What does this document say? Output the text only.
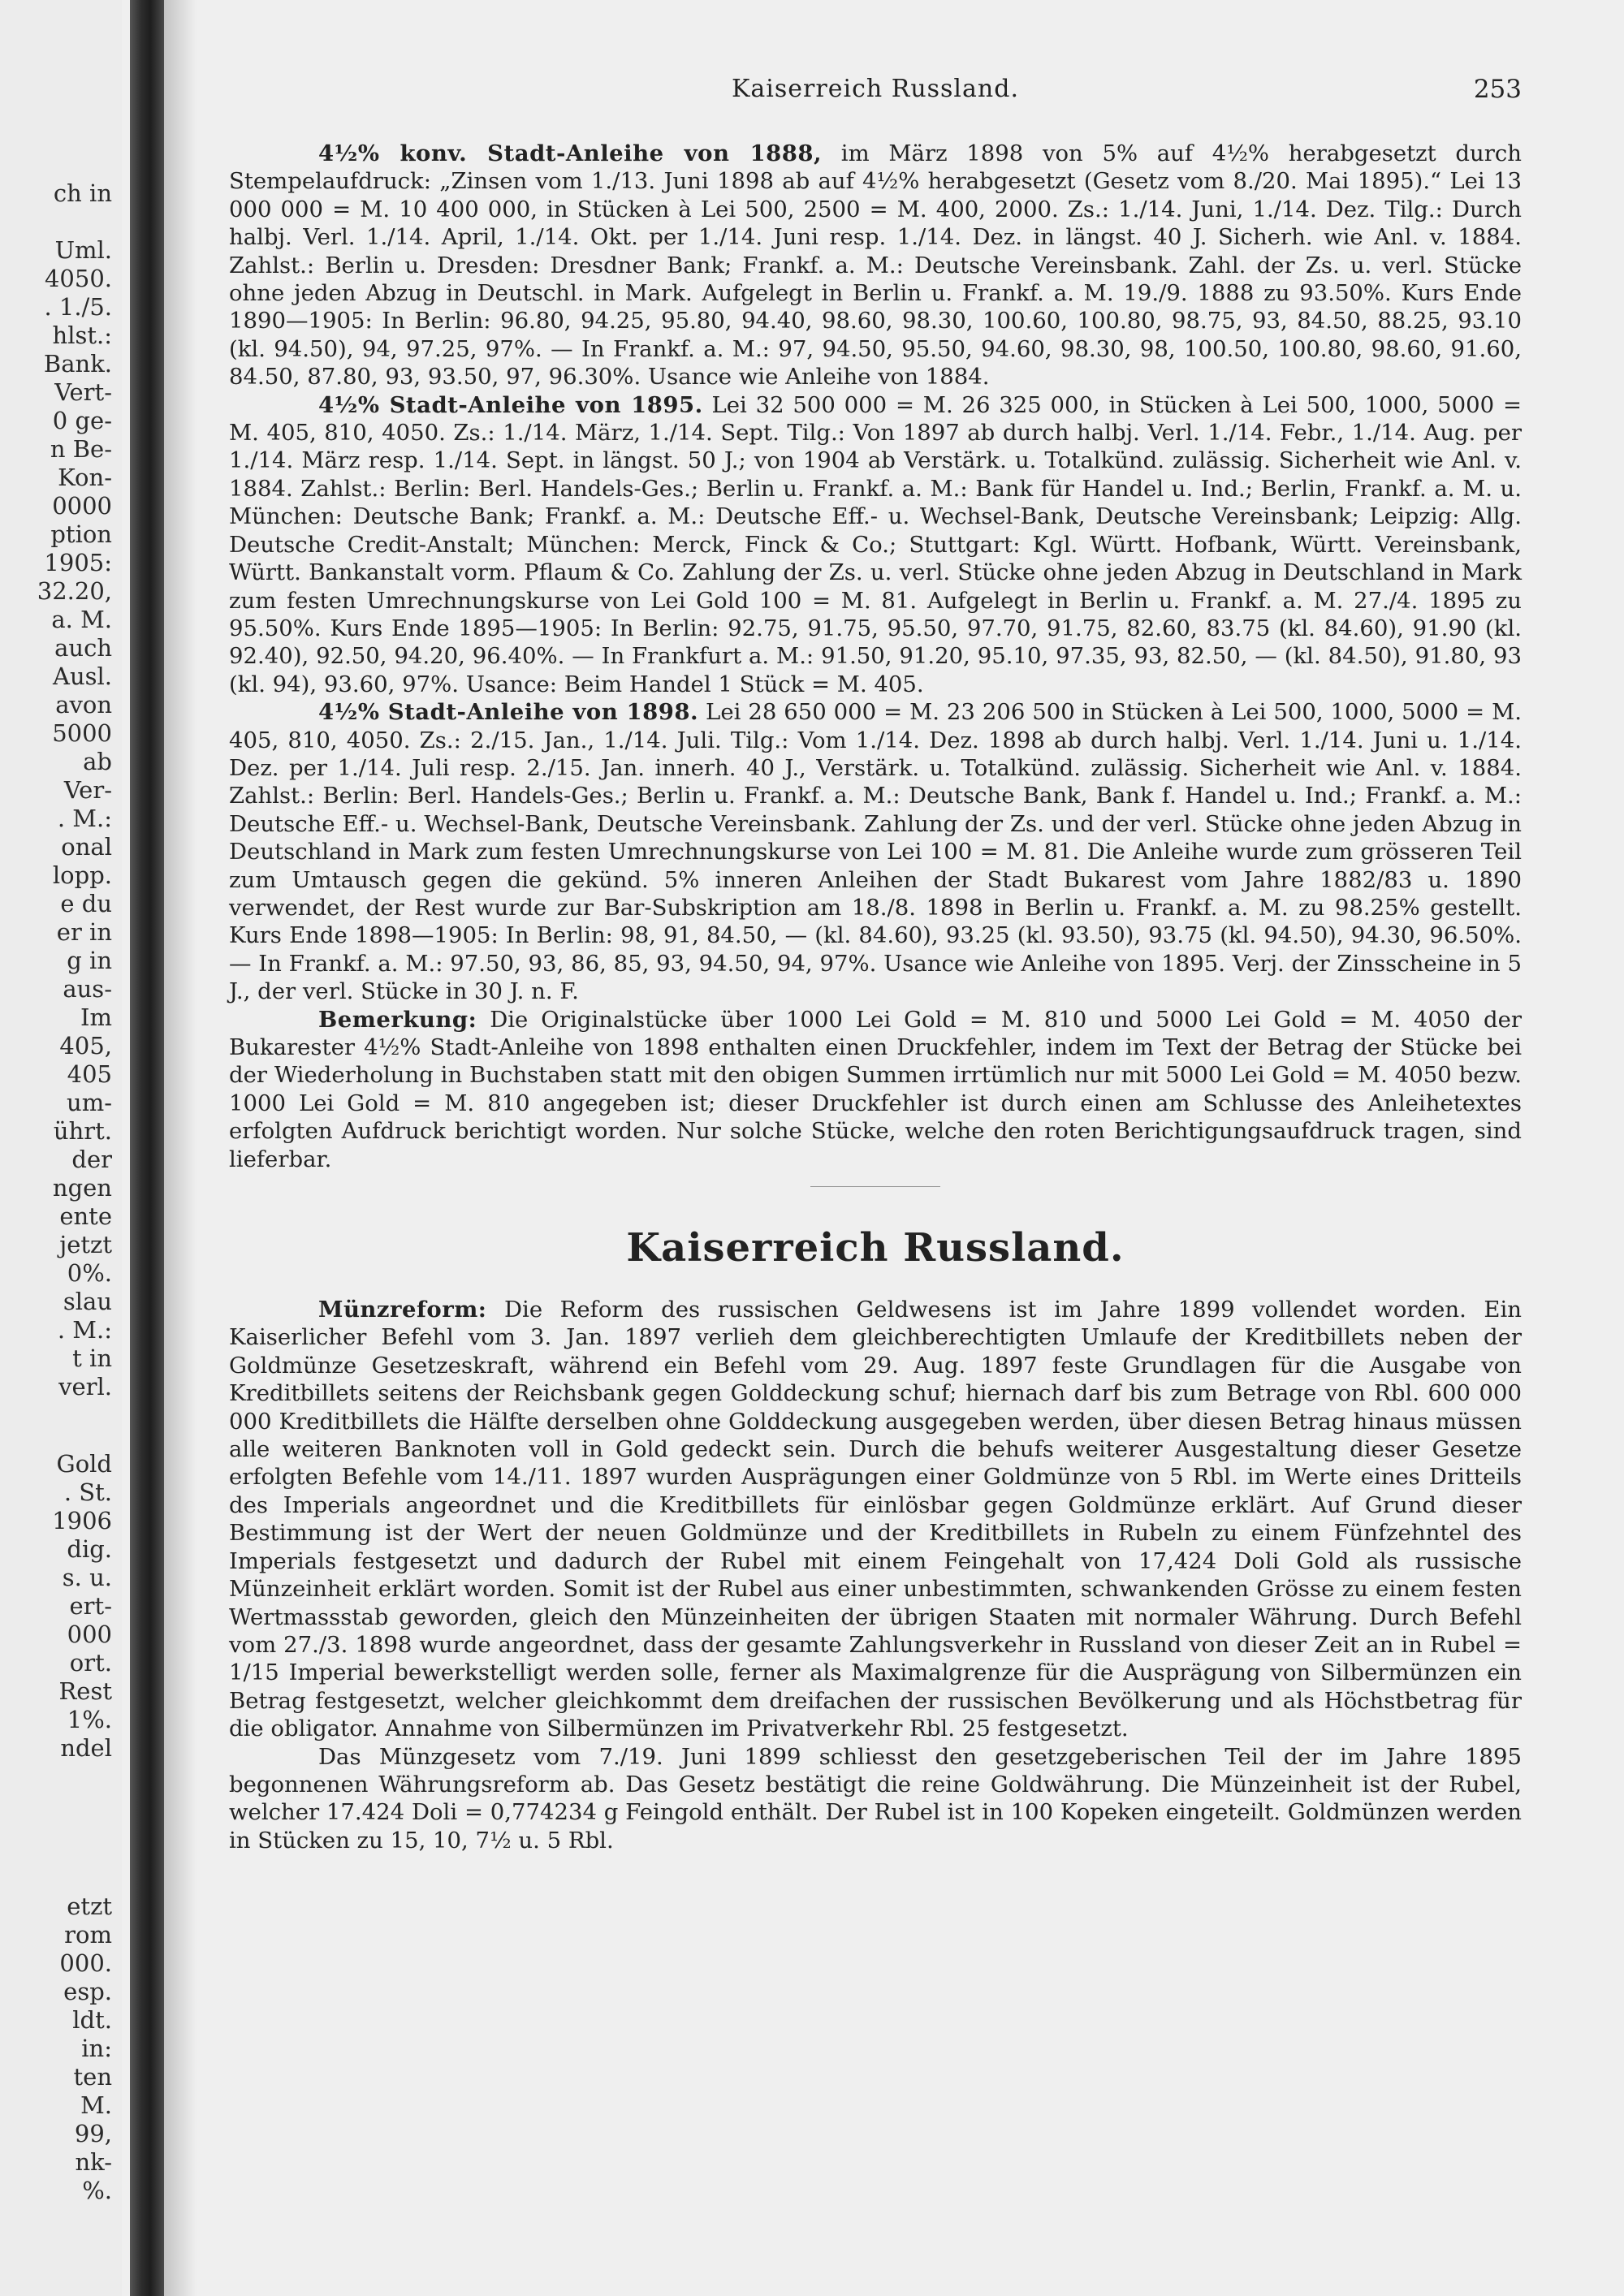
ch in
Uml.
4050.
. 1./5.
hlst.:
Bank.
Vert-
0 ge-
n Be-
Kon-
0000
ption
1905:
32.20,
a. M.
auch
Ausl.
avon
5000
ab
Ver-
. M.:
onal
lopp.
e du
er in
g in
aus-
Im
405,
405
um-
ührt.
der
ngen
ente
jetzt
0%.
slau
. M.:
t in
verl.
Gold
. St.
1906
dig.
s. u.
ert-
000
ort.
Rest
1%.
ndel
etzt
rom
000.
esp.
ldt.
in:
ten
M.
99,
nk-
%.
Kaiserreich Russland.	253

4½% konv. Stadt-Anleihe von 1888, im März 1898 von 5% auf 4½% herabgesetzt durch Stempelaufdruck: „Zinsen vom 1./13. Juni 1898 ab auf 4½% herabgesetzt (Gesetz vom 8./20. Mai 1895).“ Lei 13 000 000 = M. 10 400 000, in Stücken à Lei 500, 2500 = M. 400, 2000. Zs.: 1./14. Juni, 1./14. Dez. Tilg.: Durch halbj. Verl. 1./14. April, 1./14. Okt. per 1./14. Juni resp. 1./14. Dez. in längst. 40 J. Sicherh. wie Anl. v. 1884. Zahlst.: Berlin u. Dresden: Dresdner Bank; Frankf. a. M.: Deutsche Vereinsbank. Zahl. der Zs. u. verl. Stücke ohne jeden Abzug in Deutschl. in Mark. Aufgelegt in Berlin u. Frankf. a. M. 19./9. 1888 zu 93.50%. Kurs Ende 1890—1905: In Berlin: 96.80, 94.25, 95.80, 94.40, 98.60, 98.30, 100.60, 100.80, 98.75, 93, 84.50, 88.25, 93.10 (kl. 94.50), 94, 97.25, 97%. — In Frankf. a. M.: 97, 94.50, 95.50, 94.60, 98.30, 98, 100.50, 100.80, 98.60, 91.60, 84.50, 87.80, 93, 93.50, 97, 96.30%. Usance wie Anleihe von 1884.

4½% Stadt-Anleihe von 1895. Lei 32 500 000 = M. 26 325 000, in Stücken à Lei 500, 1000, 5000 = M. 405, 810, 4050. Zs.: 1./14. März, 1./14. Sept. Tilg.: Von 1897 ab durch halbj. Verl. 1./14. Febr., 1./14. Aug. per 1./14. März resp. 1./14. Sept. in längst. 50 J.; von 1904 ab Verstärk. u. Totalkünd. zulässig. Sicherheit wie Anl. v. 1884. Zahlst.: Berlin: Berl. Handels-Ges.; Berlin u. Frankf. a. M.: Bank für Handel u. Ind.; Berlin, Frankf. a. M. u. München: Deutsche Bank; Frankf. a. M.: Deutsche Eff.- u. Wechsel-Bank, Deutsche Vereinsbank; Leipzig: Allg. Deutsche Credit-Anstalt; München: Merck, Finck & Co.; Stuttgart: Kgl. Württ. Hofbank, Württ. Vereinsbank, Württ. Bankanstalt vorm. Pflaum & Co. Zahlung der Zs. u. verl. Stücke ohne jeden Abzug in Deutschland in Mark zum festen Umrechnungskurse von Lei Gold 100 = M. 81. Aufgelegt in Berlin u. Frankf. a. M. 27./4. 1895 zu 95.50%. Kurs Ende 1895—1905: In Berlin: 92.75, 91.75, 95.50, 97.70, 91.75, 82.60, 83.75 (kl. 84.60), 91.90 (kl. 92.40), 92.50, 94.20, 96.40%. — In Frankfurt a. M.: 91.50, 91.20, 95.10, 97.35, 93, 82.50, — (kl. 84.50), 91.80, 93 (kl. 94), 93.60, 97%. Usance: Beim Handel 1 Stück = M. 405.

4½% Stadt-Anleihe von 1898. Lei 28 650 000 = M. 23 206 500 in Stücken à Lei 500, 1000, 5000 = M. 405, 810, 4050. Zs.: 2./15. Jan., 1./14. Juli. Tilg.: Vom 1./14. Dez. 1898 ab durch halbj. Verl. 1./14. Juni u. 1./14. Dez. per 1./14. Juli resp. 2./15. Jan. innerh. 40 J., Verstärk. u. Totalkünd. zulässig. Sicherheit wie Anl. v. 1884. Zahlst.: Berlin: Berl. Handels-Ges.; Berlin u. Frankf. a. M.: Deutsche Bank, Bank f. Handel u. Ind.; Frankf. a. M.: Deutsche Eff.- u. Wechsel-Bank, Deutsche Vereinsbank. Zahlung der Zs. und der verl. Stücke ohne jeden Abzug in Deutschland in Mark zum festen Umrechnungskurse von Lei 100 = M. 81. Die Anleihe wurde zum grösseren Teil zum Umtausch gegen die gekünd. 5% inneren Anleihen der Stadt Bukarest vom Jahre 1882/83 u. 1890 verwendet, der Rest wurde zur Bar-Subskription am 18./8. 1898 in Berlin u. Frankf. a. M. zu 98.25% gestellt. Kurs Ende 1898—1905: In Berlin: 98, 91, 84.50, — (kl. 84.60), 93.25 (kl. 93.50), 93.75 (kl. 94.50), 94.30, 96.50%. — In Frankf. a. M.: 97.50, 93, 86, 85, 93, 94.50, 94, 97%. Usance wie Anleihe von 1895. Verj. der Zinsscheine in 5 J., der verl. Stücke in 30 J. n. F.

Bemerkung: Die Originalstücke über 1000 Lei Gold = M. 810 und 5000 Lei Gold = M. 4050 der Bukarester 4½% Stadt-Anleihe von 1898 enthalten einen Druckfehler, indem im Text der Betrag der Stücke bei der Wiederholung in Buchstaben statt mit den obigen Summen irrtümlich nur mit 5000 Lei Gold = M. 4050 bezw. 1000 Lei Gold = M. 810 angegeben ist; dieser Druckfehler ist durch einen am Schlusse des Anleihetextes erfolgten Aufdruck berichtigt worden. Nur solche Stücke, welche den roten Berichtigungsaufdruck tragen, sind lieferbar.

Kaiserreich Russland.

Münzreform: Die Reform des russischen Geldwesens ist im Jahre 1899 vollendet worden. Ein Kaiserlicher Befehl vom 3. Jan. 1897 verlieh dem gleichberechtigten Umlaufe der Kreditbillets neben der Goldmünze Gesetzeskraft, während ein Befehl vom 29. Aug. 1897 feste Grundlagen für die Ausgabe von Kreditbillets seitens der Reichsbank gegen Golddeckung schuf; hiernach darf bis zum Betrage von Rbl. 600 000 000 Kreditbillets die Hälfte derselben ohne Golddeckung ausgegeben werden, über diesen Betrag hinaus müssen alle weiteren Banknoten voll in Gold gedeckt sein. Durch die behufs weiterer Ausgestaltung dieser Gesetze erfolgten Befehle vom 14./11. 1897 wurden Ausprägungen einer Goldmünze von 5 Rbl. im Werte eines Dritteils des Imperials angeordnet und die Kreditbillets für einlösbar gegen Goldmünze erklärt. Auf Grund dieser Bestimmung ist der Wert der neuen Goldmünze und der Kreditbillets in Rubeln zu einem Fünfzehntel des Imperials festgesetzt und dadurch der Rubel mit einem Feingehalt von 17,424 Doli Gold als russische Münzeinheit erklärt worden. Somit ist der Rubel aus einer unbestimmten, schwankenden Grösse zu einem festen Wertmassstab geworden, gleich den Münzeinheiten der übrigen Staaten mit normaler Währung. Durch Befehl vom 27./3. 1898 wurde angeordnet, dass der gesamte Zahlungsverkehr in Russland von dieser Zeit an in Rubel = 1/15 Imperial bewerkstelligt werden solle, ferner als Maximalgrenze für die Ausprägung von Silbermünzen ein Betrag festgesetzt, welcher gleichkommt dem dreifachen der russischen Bevölkerung und als Höchstbetrag für die obligator. Annahme von Silbermünzen im Privatverkehr Rbl. 25 festgesetzt.

Das Münzgesetz vom 7./19. Juni 1899 schliesst den gesetzgeberischen Teil der im Jahre 1895 begonnenen Währungsreform ab. Das Gesetz bestätigt die reine Goldwährung. Die Münzeinheit ist der Rubel, welcher 17.424 Doli = 0,774234 g Feingold enthält. Der Rubel ist in 100 Kopeken eingeteilt. Goldmünzen werden in Stücken zu 15, 10, 7½ u. 5 Rbl.
